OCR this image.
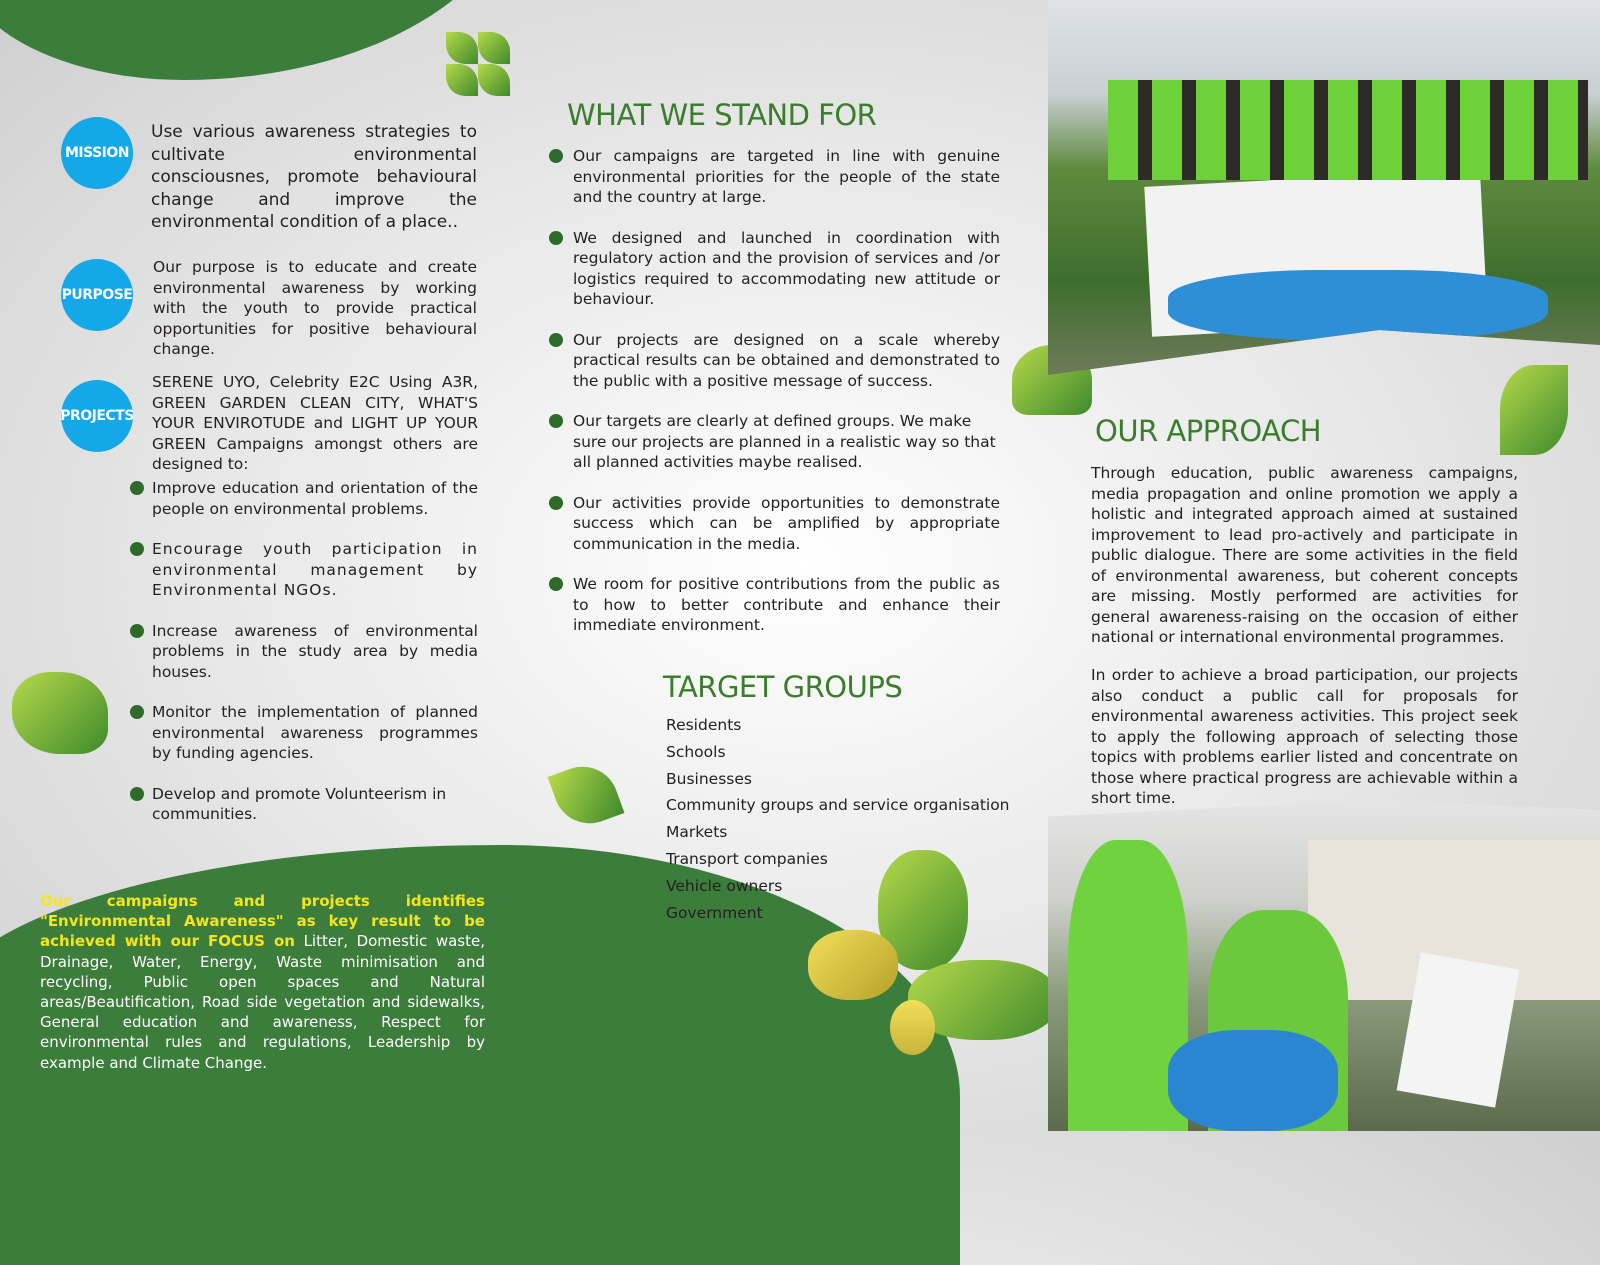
MISSION
Use various awareness strategies to cultivate environmental consciousnes, promote behavioural change and improve the environmental condition of a place..
PURPOSE
Our purpose is to educate and create environmental awareness by working with the youth to provide practical opportunities for positive behavioural change.
PROJECTS
SERENE UYO, Celebrity E2C Using A3R, GREEN GARDEN CLEAN CITY, WHAT'S YOUR ENVIROTUDE and LIGHT UP YOUR GREEN Campaigns amongst others are designed to:
Improve education and orientation of the people on environmental problems.
Encourage youth participation in environmental management by Environmental NGOs.
Increase awareness of environmental problems in the study area by media houses.
Monitor the implementation of planned environmental awareness programmes by funding agencies.
Develop and promote Volunteerism in communities.
Our campaigns and projects identifies "Environmental Awareness" as key result to be achieved with our FOCUS on Litter, Domestic waste, Drainage, Water, Energy, Waste minimisation and recycling, Public open spaces and Natural areas/Beautification, Road side vegetation and sidewalks, General education and awareness, Respect for environmental rules and regulations, Leadership by example and Climate Change.
WHAT WE STAND FOR
Our campaigns are targeted in line with genuine environmental priorities for the people of the state and the country at large.
We designed and launched in coordination with regulatory action and the provision of services and /or logistics required to accommodating new attitude or behaviour.
Our projects are designed on a scale whereby practical results can be obtained and demonstrated to the public with a positive message of success.
Our targets are clearly at defined groups. We make sure our projects are planned in a realistic way so that all planned activities maybe realised.
Our activities provide opportunities to demonstrate success which can be amplified by appropriate communication in the media.
We room for positive contributions from the public as to how to better contribute and enhance their immediate environment.
TARGET GROUPS
Residents
Schools
Businesses
Community groups and service organisation
Markets
Transport companies
Vehicle owners
Government
OUR APPROACH
Through education, public awareness campaigns, media propagation and online promotion we apply a holistic and integrated approach aimed at sustained improvement to lead pro-actively and participate in public dialogue. There are some activities in the field of environmental awareness, but coherent concepts are missing. Mostly performed are activities for general awareness-raising on the occasion of either national or international environmental programmes.
In order to achieve a broad participation, our projects also conduct a public call for proposals for environmental awareness activities. This project seek to apply the following approach of selecting those topics with problems earlier listed and concentrate on those where practical progress are achievable within a short time.
